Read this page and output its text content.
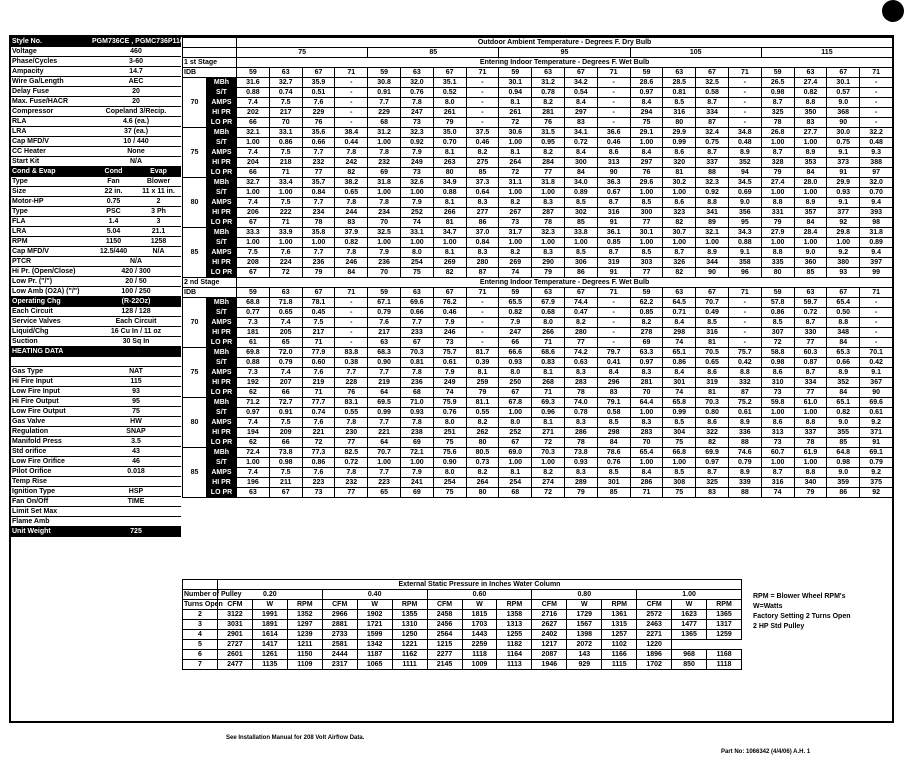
Style No.	PGM736CE , PGMC736P116	
Voltage	460	
Phase/Cycles	3-60	
Ampacity	14.7	
Wire Ga/Length	AEC	
Delay Fuse	20	
Max. Fuse/HACR	20	
Compressor	Copeland 3/Recip.	
RLA	4.6 (ea.)	
LRA	37 (ea.)	
Cap MFD/V	10 / 440	
CC Heater	None	
Start Kit	N/A	
Cond & Evap	Cond	Evap
Type	Fan	Blower
Size	22 in.	11 x 11 in.
Motor-HP	0.75	2
Type	PSC	3 Ph
FLA	1.4	3
LRA	5.04	21.1
RPM	1150	1258
Cap MFD/V	12.5/440	N/A
PTCR	N/A	
Hi Pr. (Open/Close)	420 / 300	
Low Pr. ("/")	20 / 50	
Low Amb (O2A) ("/")	100 / 250	
Operating Chg	(R-22Oz)	
Each Circuit	128 / 128	
Service Valves	Each Circuit	
Liquid/Chg	16 Cu In / 11 oz	
Suction	30 Sq In	
HEATING DATA		

Gas Type	NAT	
Hi Fire Input	115	
Low Fire Input	93	
Hi Fire Output	95	
Low Fire Output	75	
Gas Valve	HW	
Regulation	SNAP	
Manifold Press	3.5	
Std orifice	43	
Low Fire Orifice	46	
Pilot Orifice	0.018	
Temp Rise		
Ignition Type	HSP	
Fan On/Off	TIME	
Limit Set Max		
Flame Amb		
Unit Weight	725	
		Outdoor Ambient Temperature - Degrees F. Dry Bulb																			
		75				85				95				105				115			
1 st Stage		Entering Indoor Temperature - Degrees F. Wet Bulb																			
IDB		59	63	67	71	59	63	67	71	59	63	67	71	59	63	67	71	59	63	67	71
70	MBh	31.6	32.7	35.9	-	30.8	32.0	35.1	-	30.1	31.2	34.2	-	28.6	28.5	32.5	-	26.5	27.4	30.1	-
	S/T	0.88	0.74	0.51	-	0.91	0.76	0.52	-	0.94	0.78	0.54	-	0.97	0.81	0.58	-	0.98	0.82	0.57	-
	AMPS	7.4	7.5	7.6	-	7.7	7.8	8.0	-	8.1	8.2	8.4	-	8.4	8.5	8.7	-	8.7	8.8	9.0	-
	HI PR	202	217	229	-	229	247	261	-	261	281	297	-	294	316	334	-	325	350	368	-
	LO PR	66	70	76	-	68	73	79	-	72	76	83	-	75	80	87	-	78	83	90	-
75	MBh	32.1	33.1	35.6	38.4	31.2	32.3	35.0	37.5	30.6	31.5	34.1	36.6	29.1	29.9	32.4	34.8	26.8	27.7	30.0	32.2
	S/T	1.00	0.86	0.66	0.44	1.00	0.92	0.70	0.46	1.00	0.95	0.72	0.46	1.00	0.99	0.75	0.48	1.00	1.00	0.75	0.48
	AMPS	7.4	7.5	7.7	7.8	7.8	7.9	8.1	8.2	8.1	8.2	8.4	8.6	8.4	8.6	8.7	8.9	8.7	8.9	9.1	9.3
	HI PR	204	218	232	242	232	249	263	275	264	284	300	313	297	320	337	352	328	353	373	388
	LO PR	66	71	77	82	69	73	80	85	72	77	84	90	76	81	88	94	79	84	91	97
80	MBh	32.7	33.4	35.7	38.2	31.8	32.6	34.9	37.3	31.1	31.8	34.0	36.3	29.6	30.2	32.3	34.5	27.4	28.0	29.9	32.0
	S/T	1.00	1.00	0.84	0.65	1.00	1.00	0.88	0.64	1.00	1.00	0.89	0.67	1.00	1.00	0.92	0.69	1.00	1.00	0.93	0.70
	AMPS	7.4	7.5	7.7	7.8	7.8	7.9	8.1	8.3	8.2	8.3	8.5	8.7	8.5	8.6	8.8	9.0	8.8	8.9	9.1	9.4
	HI PR	206	222	234	244	234	252	266	277	267	287	302	316	300	323	341	356	331	357	377	393
	LO PR	67	71	78	83	70	74	81	86	73	78	85	91	77	82	89	95	79	84	92	98
85	MBh	33.3	33.9	35.8	37.9	32.5	33.1	34.7	37.0	31.7	32.3	33.8	36.1	30.1	30.7	32.1	34.3	27.9	28.4	29.8	31.8
	S/T	1.00	1.00	1.00	0.82	1.00	1.00	1.00	0.84	1.00	1.00	1.00	0.85	1.00	1.00	1.00	0.88	1.00	1.00	1.00	0.89
	AMPS	7.5	7.6	7.7	7.8	7.9	8.0	8.1	8.3	8.2	8.3	8.5	8.7	8.5	8.7	8.9	9.1	8.8	9.0	9.2	9.4
	HI PR	208	224	236	246	236	254	269	280	269	290	306	319	303	326	344	358	335	360	380	397
	LO PR	67	72	79	84	70	75	82	87	74	79	86	91	77	82	90	96	80	85	93	99
2 nd Stage		Entering Indoor Temperature - Degrees F. Wet Bulb																			
IDB		59	63	67	71	59	63	67	71	59	63	67	71	59	63	67	71	59	63	67	71
70	MBh	68.8	71.8	78.1	-	67.1	69.6	76.2	-	65.5	67.9	74.4	-	62.2	64.5	70.7	-	57.8	59.7	65.4	-
	S/T	0.77	0.65	0.45	-	0.79	0.66	0.46	-	0.82	0.68	0.47	-	0.85	0.71	0.49	-	0.86	0.72	0.50	-
	AMPS	7.3	7.4	7.5	-	7.6	7.7	7.9	-	7.9	8.0	8.2	-	8.2	8.4	8.5	-	8.5	8.7	8.8	-
	HI PR	181	205	217	-	217	233	246	-	247	266	280	-	278	298	316	-	307	330	348	-
	LO PR	61	65	71	-	63	67	73	-	66	71	77	-	69	74	81	-	72	77	84	-
75	MBh	69.8	72.0	77.9	83.8	68.3	70.3	75.7	81.7	66.6	68.6	74.2	79.7	63.3	65.1	70.5	75.7	58.8	60.3	65.3	70.1
	S/T	0.88	0.79	0.60	0.38	0.90	0.81	0.61	0.39	0.93	0.83	0.63	0.41	0.97	0.86	0.65	0.42	0.98	0.87	0.66	0.42
	AMPS	7.3	7.4	7.6	7.7	7.7	7.8	7.9	8.1	8.0	8.1	8.3	8.4	8.3	8.4	8.6	8.8	8.6	8.7	8.9	9.1
	HI PR	192	207	219	228	219	236	249	259	250	268	283	296	281	301	319	332	310	334	352	367
	LO PR	62	66	71	76	64	68	74	79	67	71	78	83	70	74	81	87	73	77	84	90
80	MBh	71.2	72.7	77.7	83.1	69.5	71.0	75.9	81.1	67.8	69.3	74.0	79.1	64.4	65.8	70.3	75.2	59.8	61.0	65.1	69.6
	S/T	0.97	0.91	0.74	0.55	0.99	0.93	0.76	0.55	1.00	0.96	0.78	0.58	1.00	0.99	0.80	0.61	1.00	1.00	0.82	0.61
	AMPS	7.4	7.5	7.6	7.8	7.7	7.8	8.0	8.2	8.0	8.1	8.3	8.5	8.3	8.5	8.6	8.9	8.6	8.8	9.0	9.2
	HI PR	194	209	221	230	221	238	251	262	252	271	286	298	283	304	322	336	313	337	355	371
	LO PR	62	66	72	77	64	69	75	80	67	72	78	84	70	75	82	88	73	78	85	91
85	MBh	72.4	73.8	77.3	82.5	70.7	72.1	75.6	80.5	69.0	70.3	73.8	78.6	65.4	66.8	69.9	74.6	60.7	61.9	64.8	69.1
	S/T	1.00	0.98	0.86	0.72	1.00	1.00	0.90	0.73	1.00	1.00	0.93	0.76	1.00	1.00	0.97	0.79	1.00	1.00	0.98	0.79
	AMPS	7.4	7.5	7.6	7.8	7.7	7.9	8.0	8.2	8.1	8.2	8.3	8.5	8.4	8.5	8.7	8.9	8.7	8.8	9.0	9.2
	HI PR	196	211	223	232	223	241	254	264	254	274	289	301	286	308	325	339	316	340	359	375
	LO PR	63	67	73	77	65	69	75	80	68	72	79	85	71	75	83	88	74	79	86	92
	External Static Pressure in Inches Water Column														
Number of Pulley	0.20			0.40			0.60			0.80			1.00		
Turns Open	CFM	W	RPM	CFM	W	RPM	CFM	W	RPM	CFM	W	RPM	CFM	W	RPM
2	3122	1991	1352	2966	1902	1355	2458	1815	1358	2716	1729	1361	2572	1623	1365
3	3031	1891	1297	2881	1721	1310	2456	1703	1313	2627	1567	1315	2463	1477	1317
4	2901	1614	1239	2733	1599	1250	2564	1443	1255	2402	1398	1257	2271	1365	1259
5	2727	1417	1211	2581	1342	1221	1215	2259	1182	1217	2072	1102	1220		
6	2601	1261	1150	2444	1187	1162	2277	1118	1164	2087	143	1166	1896	968	1168
7	2477	1135	1109	2317	1065	1111	2145	1009	1113	1946	929	1115	1702	850	1118
RPM = Blower Wheel RPM's
W=Watts
Factory Setting 2 Turns Open
2 HP Std Pulley
See Installation Manual for 208 Volt Airflow Data.
Part No: 1066342 (4/4/06) A.H. 1
